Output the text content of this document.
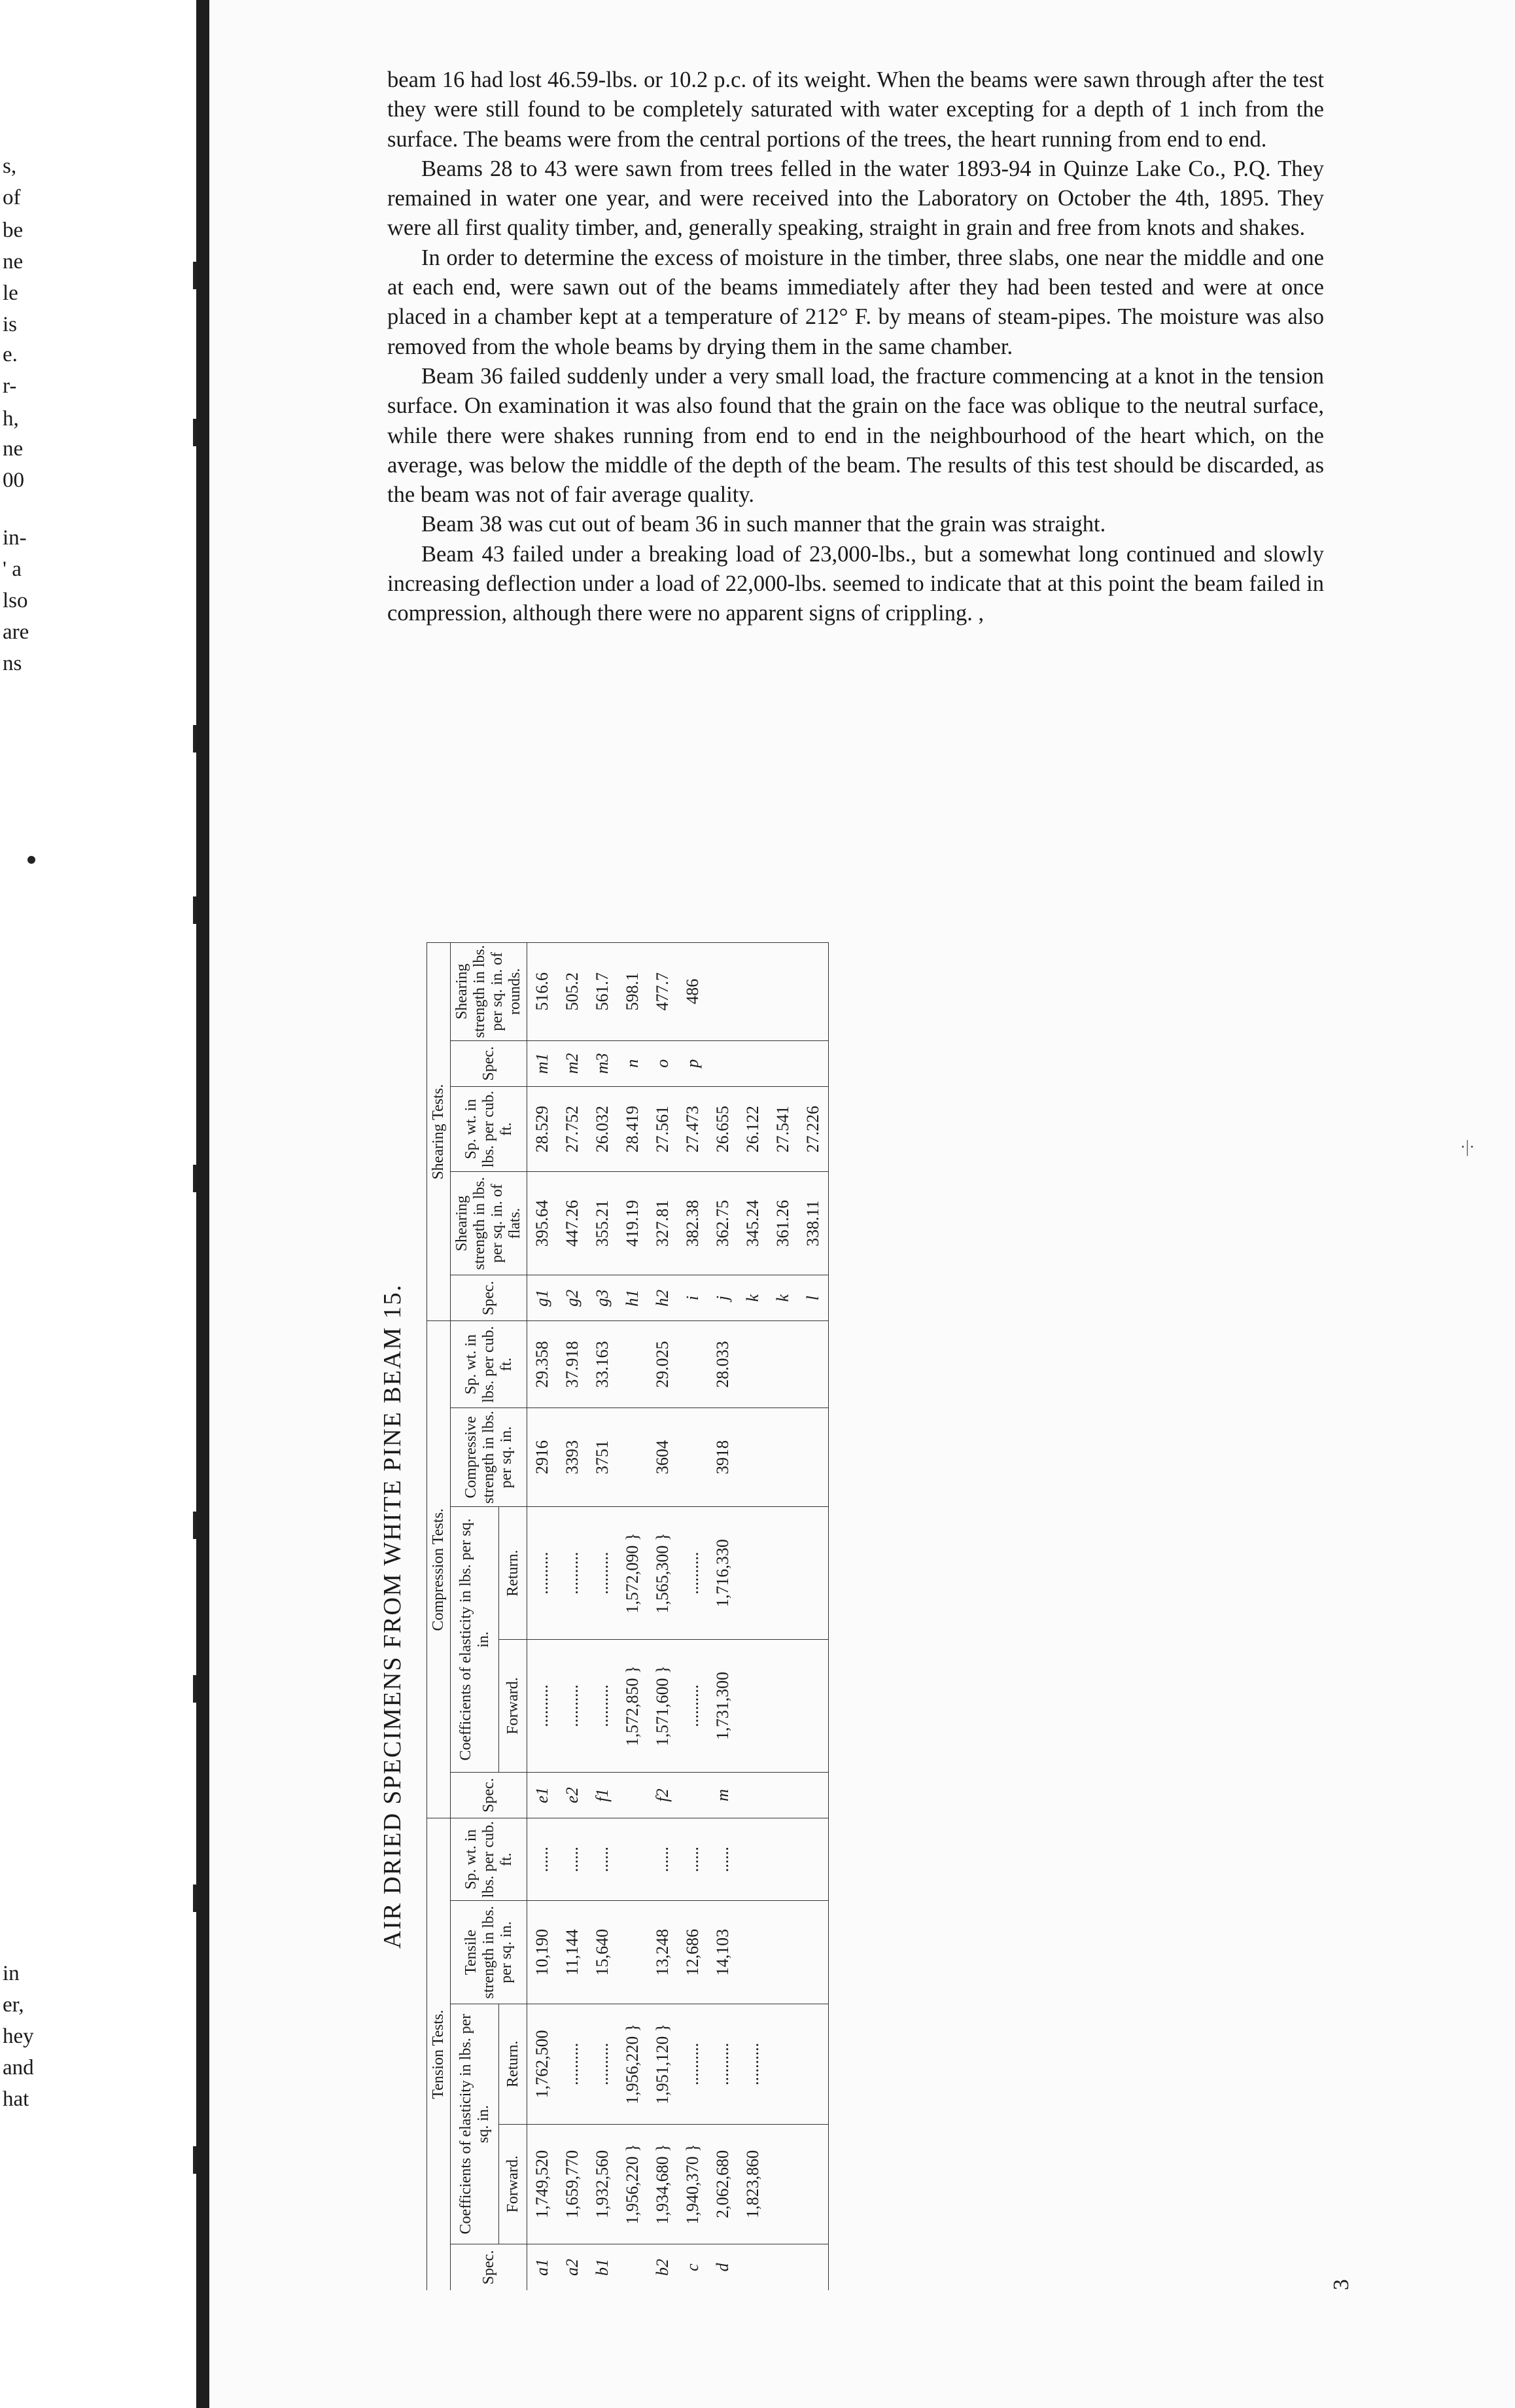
s,
of
be
ne
le
is
e.
r-
h,
ne
00
in-
' a
lso
are
ns
in
er,
hey
and
hat

beam 16 had lost 46.59-lbs. or 10.2 p.c. of its weight. When the beams were sawn through after the test they were still found to be completely saturated with water excepting for a depth of 1 inch from the surface. The beams were from the central portions of the trees, the heart running from end to end.

Beams 28 to 43 were sawn from trees felled in the water 1893-94 in Quinze Lake Co., P.Q. They remained in water one year, and were received into the Laboratory on October the 4th, 1895. They were all first quality timber, and, generally speaking, straight in grain and free from knots and shakes.

In order to determine the excess of moisture in the timber, three slabs, one near the middle and one at each end, were sawn out of the beams immediately after they had been tested and were at once placed in a chamber kept at a temperature of 212° F. by means of steam-pipes. The moisture was also removed from the whole beams by drying them in the same chamber.

Beam 36 failed suddenly under a very small load, the fracture commencing at a knot in the tension surface. On examination it was also found that the grain on the face was oblique to the neutral surface, while there were shakes running from end to end in the neighbourhood of the heart which, on the average, was below the middle of the depth of the beam. The results of this test should be discarded, as the beam was not of fair average quality.

Beam 38 was cut out of beam 36 in such manner that the grain was straight.

Beam 43 failed under a breaking load of 23,000-lbs., but a somewhat long continued and slowly increasing deflection under a load of 22,000-lbs. seemed to indicate that at this point the beam failed in compression, although there were no apparent signs of crippling. ,

·|·
AIR DRIED SPECIMENS FROM WHITE PINE BEAM 15.
3
Tension Tests.					Compression Tests.					Shearing Tests.				
Spec.	Coefficients of elasticity in lbs. per sq. in.		Tensile strength in lbs. per sq. in.	Sp. wt. in lbs. per cub. ft.	Spec.	Coefficients of elasticity in lbs. per sq. in.		Compressive strength in lbs. per sq. in.	Sp. wt. in lbs. per cub. ft.	Spec.	Shearing strength in lbs. per sq. in. of flats.	Sp. wt. in lbs. per cub. ft.	Spec.	Shearing strength in lbs. per sq. in. of rounds.
	Forward.	Return.				Forward.	Return.							
a1	1,749,520	1,762,500	10,190	......	e1	..........	..........	2916	29.358	g1	395.64	28.529	m1	516.6
a2	1,659,770	..........	11,144	......	e2	..........	..........	3393	37.918	g2	447.26	27.752	m2	505.2
b1	1,932,560	..........	15,640	......	f1	..........	..........	3751	33.163	g3	355.21	26.032	m3	561.7
	1,956,220 }	1,956,220 }				1,572,850 }	1,572,090 }			h1	419.19	28.419	n	598.1
b2	1,934,680 }	1,951,120 }	13,248	......	f2	1,571,600 }	1,565,300 }	3604	29.025	h2	327.81	27.561	o	477.7
c	1,940,370 }	..........	12,686	......		..........	..........			i	382.38	27.473	p	486
d	2,062,680	..........	14,103	......	m	1,731,300	1,716,330	3918	28.033	j	362.75	26.655		
	1,823,860	..........								k	345.24	26.122		
										k	361.26	27.541		
										l	338.11	27.226		
